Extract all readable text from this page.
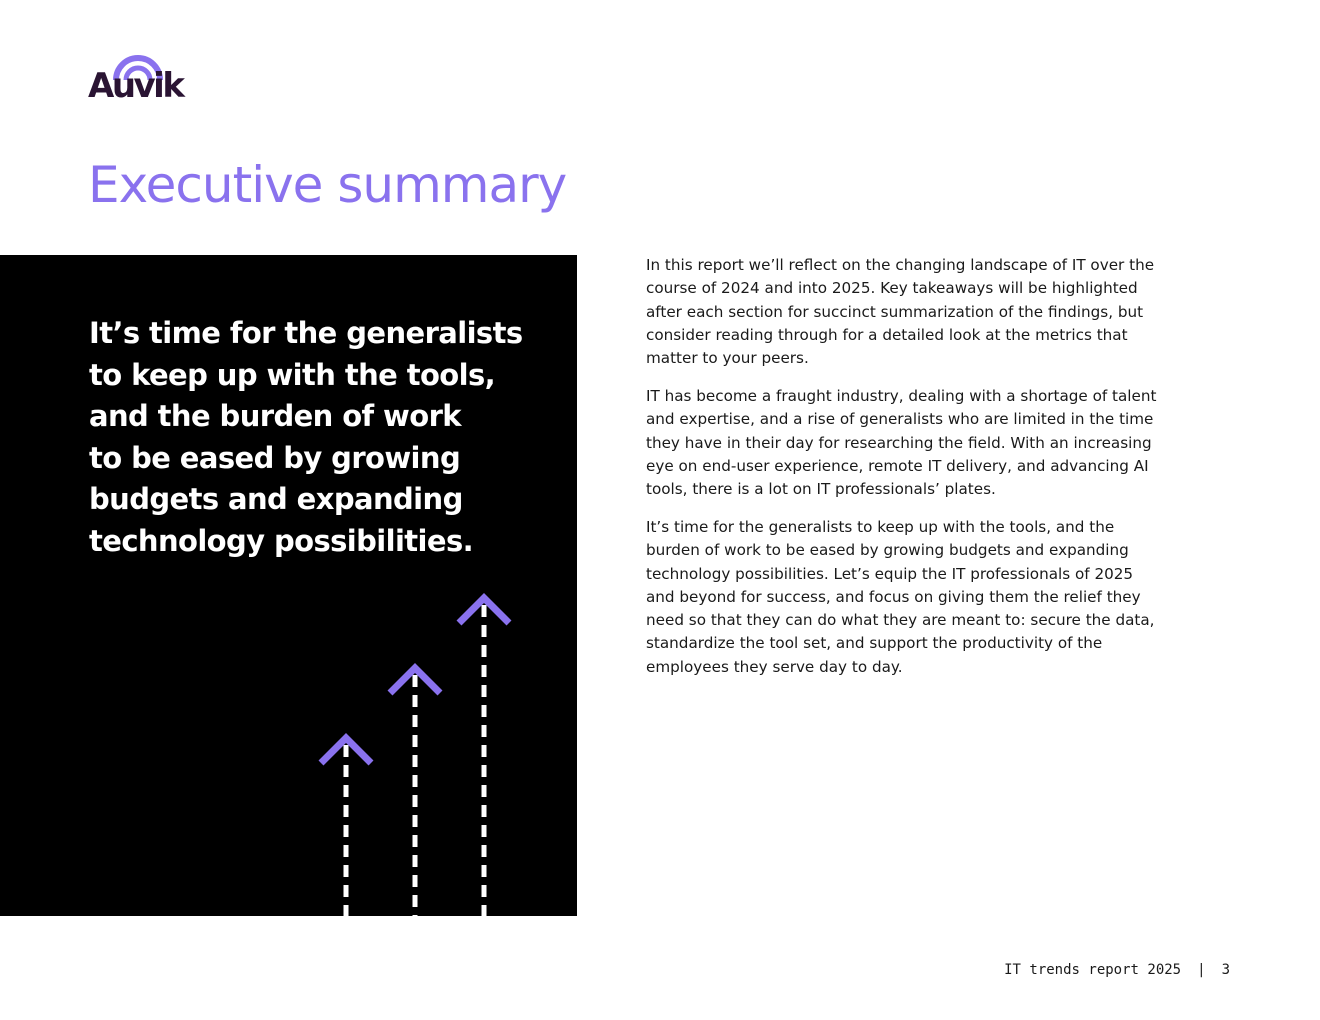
Auvik
Executive summary

It’s time for the generalists
to keep up with the tools,
and the burden of work
to be eased by growing
budgets and expanding
technology possibilities.

In this report we’ll reflect on the changing landscape of IT over the course of 2024 and into 2025. Key takeaways will be highlighted after each section for succinct summarization of the findings, but consider reading through for a detailed look at the metrics that matter to your peers.

IT has become a fraught industry, dealing with a shortage of talent and expertise, and a rise of generalists who are limited in the time they have in their day for researching the field. With an increasing eye on end-user experience, remote IT delivery, and advancing AI tools, there is a lot on IT professionals’ plates.

It’s time for the generalists to keep up with the tools, and the burden of work to be eased by growing budgets and expanding technology possibilities. Let’s equip the IT professionals of 2025 and beyond for success, and focus on giving them the relief they need so that they can do what they are meant to: secure the data, standardize the tool set, and support the productivity of the employees they serve day to day.

IT trends report 2025 | 3
